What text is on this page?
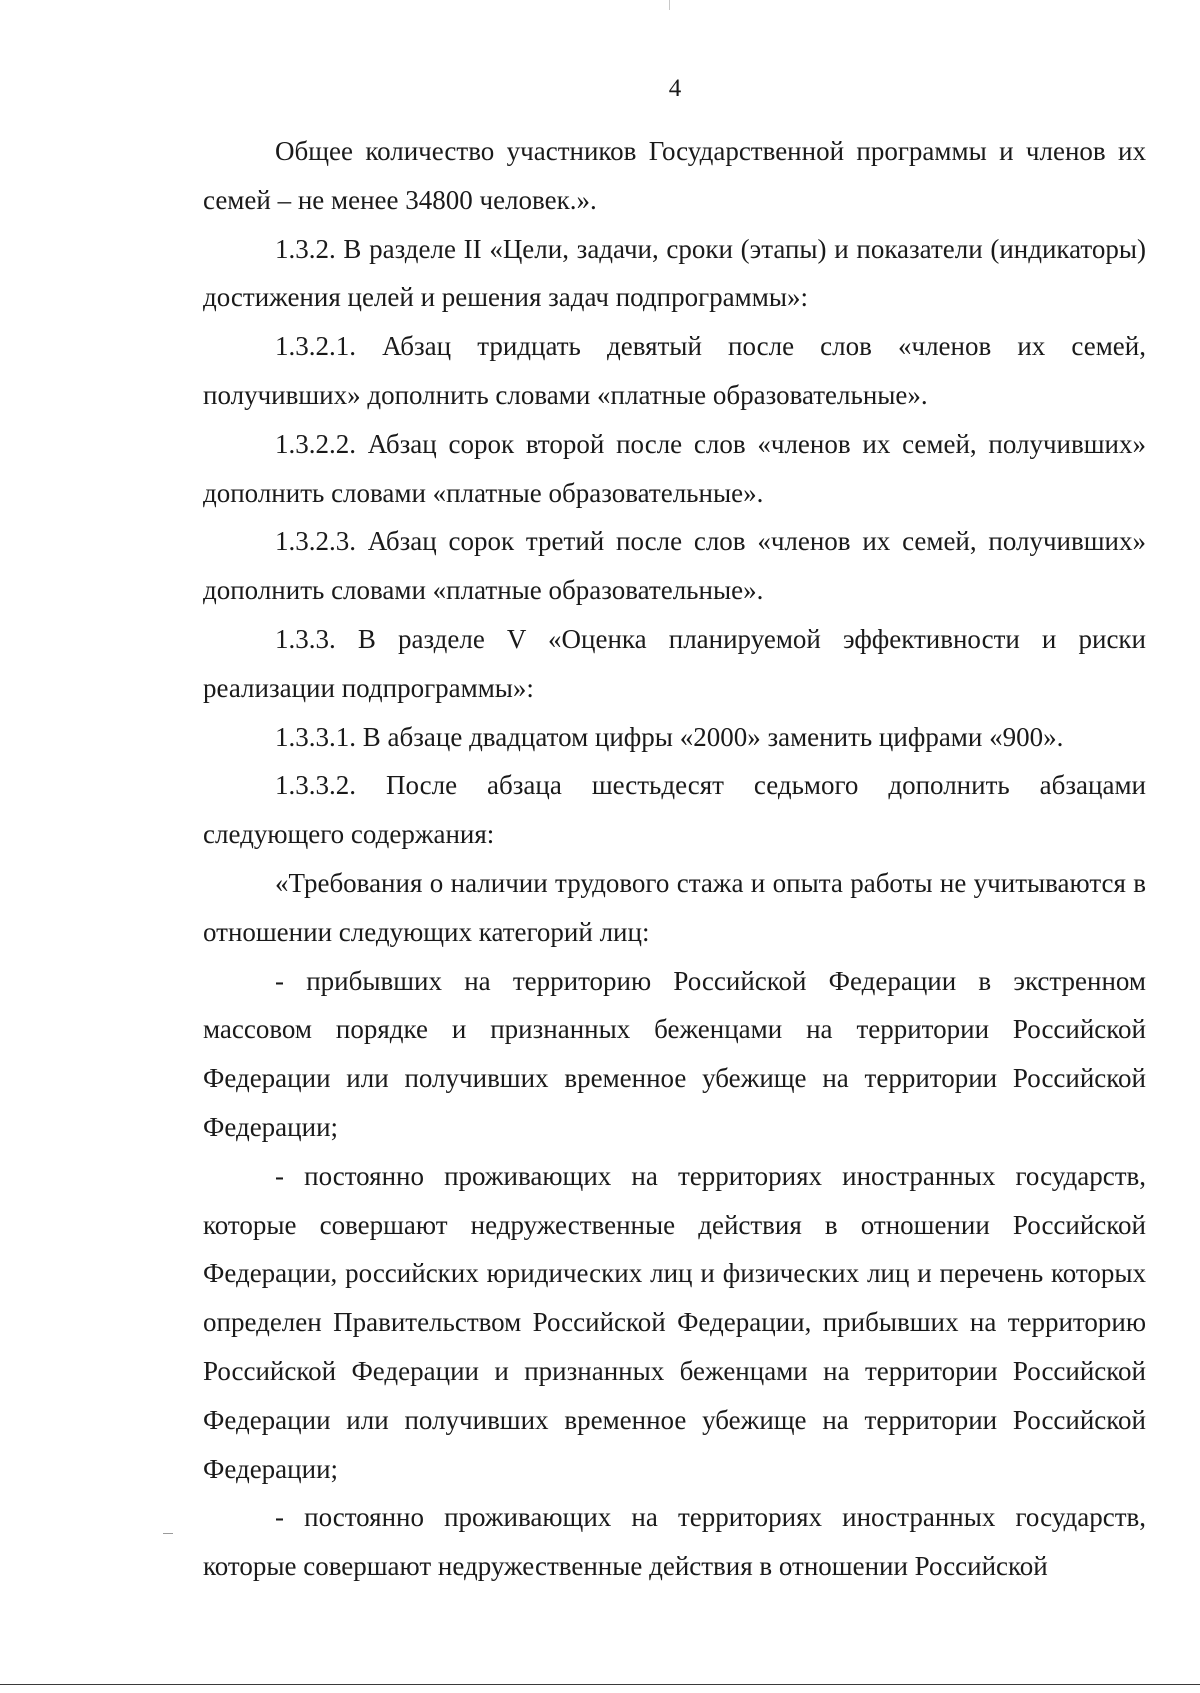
4

Общее количество участников Государственной программы и членов их семей – не менее 34800 человек.».

1.3.2. В разделе II «Цели, задачи, сроки (этапы) и показатели (индикаторы) достижения целей и решения задач подпрограммы»:

1.3.2.1. Абзац тридцать девятый после слов «членов их семей, получивших» дополнить словами «платные образовательные».

1.3.2.2. Абзац сорок второй после слов «членов их семей, получивших» дополнить словами «платные образовательные».

1.3.2.3. Абзац сорок третий после слов «членов их семей, получивших» дополнить словами «платные образовательные».

1.3.3. В разделе V «Оценка планируемой эффективности и риски реализации подпрограммы»:

1.3.3.1. В абзаце двадцатом цифры «2000» заменить цифрами «900».

1.3.3.2. После абзаца шестьдесят седьмого дополнить абзацами следующего содержания:

«Требования о наличии трудового стажа и опыта работы не учитываются в отношении следующих категорий лиц:

- прибывших на территорию Российской Федерации в экстренном массовом порядке и признанных беженцами на территории Российской Федерации или получивших временное убежище на территории Российской Федерации;

- постоянно проживающих на территориях иностранных государств, которые совершают недружественные действия в отношении Российской Федерации, российских юридических лиц и физических лиц и перечень которых определен Правительством Российской Федерации, прибывших на территорию Российской Федерации и признанных беженцами на территории Российской Федерации или получивших временное убежище на территории Российской Федерации;

- постоянно проживающих на территориях иностранных государств, которые совершают недружественные действия в отношении Российской
